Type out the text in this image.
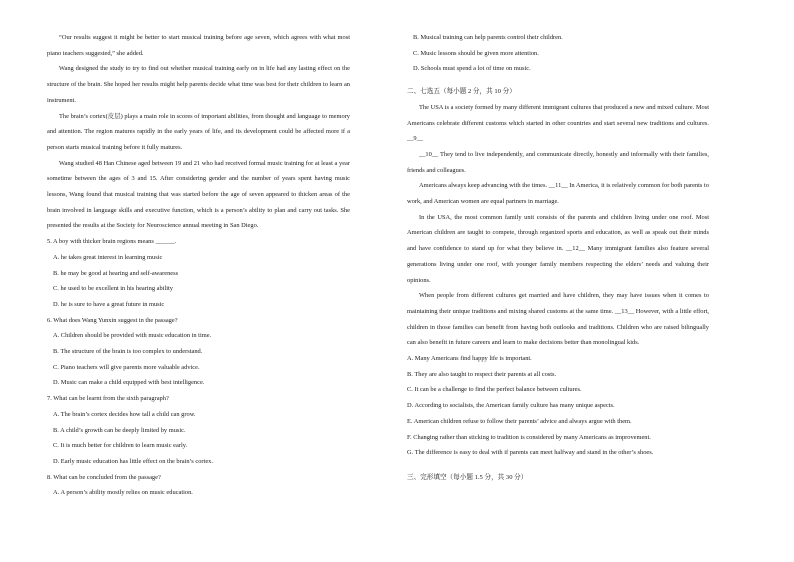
“Our results suggest it might be better to start musical training before age seven, which agrees with what most piano teachers suggested,” she added.

Wang designed the study to try to find out whether musical training early on in life had any lasting effect on the structure of the brain. She hoped her results might help parents decide what time was best for their children to learn an instrument.

The brain’s cortex(皮层) plays a main role in scores of important abilities, from thought and language to memory and attention. The region matures rapidly in the early years of life, and its development could be affected more if a person starts musical training before it fully matures.

Wang studied 48 Han Chinese aged between 19 and 21 who had received formal music training for at least a year sometime between the ages of 3 and 15. After considering gender and the number of years spent having music lessons, Wang found that musical training that was started before the age of seven appeared to thicken areas of the brain involved in language skills and executive function, which is a person’s ability to plan and carry out tasks. She presented the results at the Society for Neuroscience annual meeting in San Diego.

5. A boy with thicker brain regions means ______.

A. he takes great interest in learning music

B. he may be good at hearing and self-awareness

C. he used to be excellent in his hearing ability

D. he is sure to have a great future in music

6. What does Wang Yunxin suggest in the passage?

A. Children should be provided with music education in time.

B. The structure of the brain is too complex to understand.

C. Piano teachers will give parents more valuable advice.

D. Music can make a child equipped with best intelligence.

7. What can be learnt from the sixth paragraph?

A. The brain’s cortex decides how tall a child can grow.

B. A child’s growth can be deeply limited by music.

C. It is much better for children to learn music early.

D. Early music education has little effect on the brain’s cortex.

8. What can be concluded from the passage?

A. A person’s ability mostly relies on music education.

B. Musical training can help parents control their children.

C. Music lessons should be given more attention.

D. Schools must spend a lot of time on music.

二、七选五（每小题 2 分，共 10 分）

The USA is a society formed by many different immigrant cultures that produced a new and mixed culture. Most Americans celebrate different customs which started in other countries and start several new traditions and cultures. __9__

__10__ They tend to live independently, and communicate directly, honestly and informally with their families, friends and colleagues.

Americans always keep advancing with the times. __11__ In America, it is relatively common for both parents to work, and American women are equal partners in marriage.

In the USA, the most common family unit consists of the parents and children living under one roof. Most American children are taught to compete, through organized sports and education, as well as speak out their minds and have confidence to stand up for what they believe in. __12__ Many immigrant families also feature several generations living under one roof, with younger family members respecting the elders’ needs and valuing their opinions.

When people from different cultures get married and have children, they may have issues when it comes to maintaining their unique traditions and mixing shared customs at the same time. __13__ However, with a little effort, children in those families can benefit from having both outlooks and traditions. Children who are raised bilingually can also benefit in future careers and learn to make decisions better than monolingual kids.

A. Many Americans find happy life is important.

B. They are also taught to respect their parents at all costs.

C. It can be a challenge to find the perfect balance between cultures.

D. According to socialists, the American family culture has many unique aspects.

E. American children refuse to follow their parents’ advice and always argue with them.

F. Changing rather than sticking to tradition is considered by many Americans as improvement.

G. The difference is easy to deal with if parents can meet halfway and stand in the other’s shoes.

三、完形填空（每小题 1.5 分，共 30 分）
